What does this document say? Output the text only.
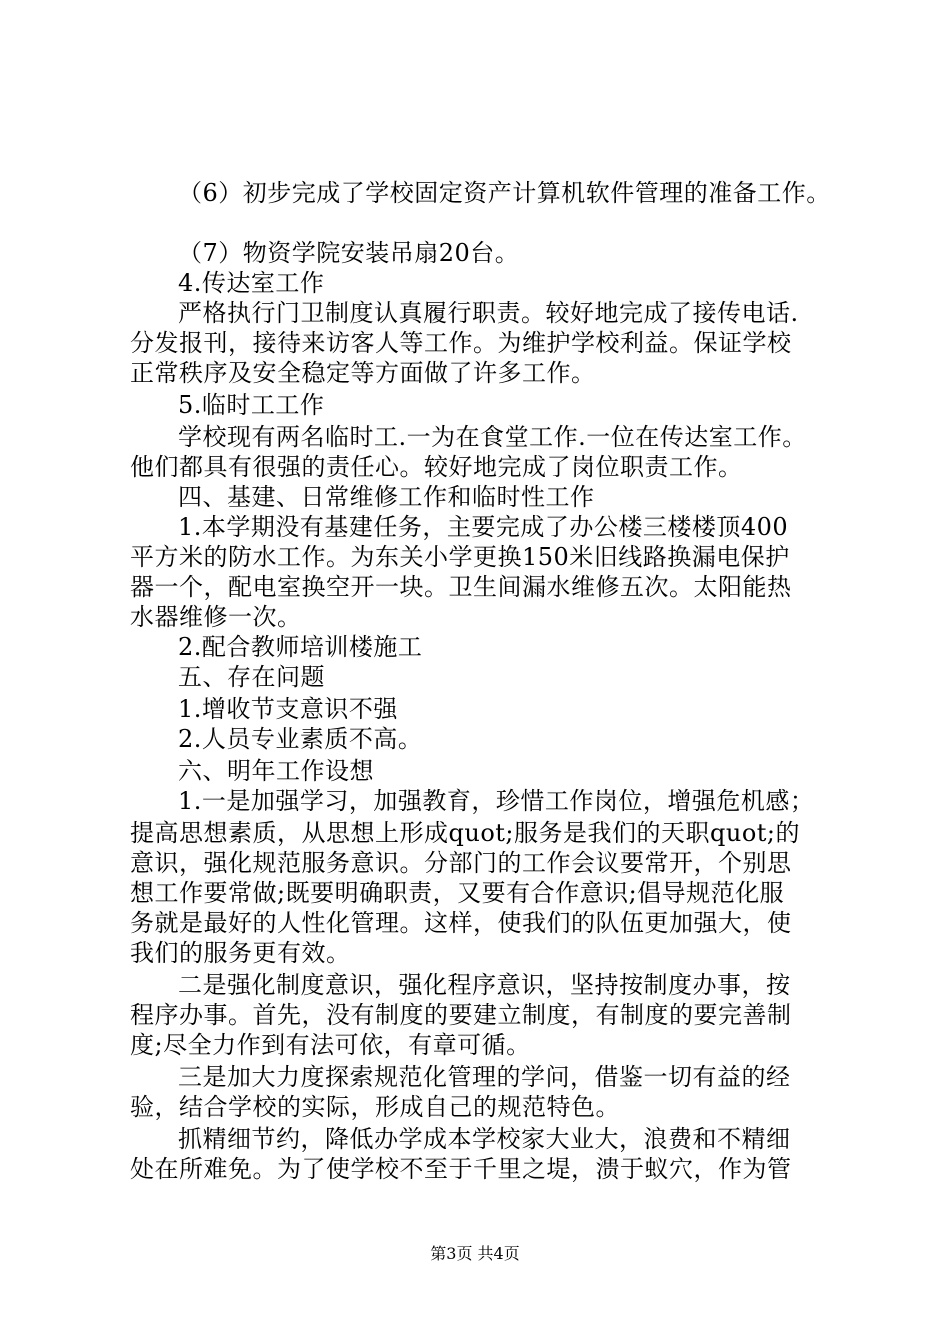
（6）初步完成了学校固定资产计算机软件管理的准备工作。
（7）物资学院安装吊扇20台。
4.传达室工作
严格执行门卫制度认真履行职责。较好地完成了接传电话.
分发报刊，接待来访客人等工作。为维护学校利益。保证学校
正常秩序及安全稳定等方面做了许多工作。
5.临时工工作
学校现有两名临时工.一为在食堂工作.一位在传达室工作。
他们都具有很强的责任心。较好地完成了岗位职责工作。
四、基建、日常维修工作和临时性工作
1.本学期没有基建任务，主要完成了办公楼三楼楼顶400
平方米的防水工作。为东关小学更换150米旧线路换漏电保护
器一个，配电室换空开一块。卫生间漏水维修五次。太阳能热
水器维修一次。
2.配合教师培训楼施工
五、存在问题
1.增收节支意识不强
2.人员专业素质不高。
六、明年工作设想
1.一是加强学习，加强教育，珍惜工作岗位，增强危机感；
提高思想素质，从思想上形成quot;服务是我们的天职quot;的
意识，强化规范服务意识。分部门的工作会议要常开，个别思
想工作要常做;既要明确职责，又要有合作意识;倡导规范化服
务就是最好的人性化管理。这样，使我们的队伍更加强大，使
我们的服务更有效。
二是强化制度意识，强化程序意识，坚持按制度办事，按
程序办事。首先，没有制度的要建立制度，有制度的要完善制
度;尽全力作到有法可依，有章可循。
三是加大力度探索规范化管理的学问，借鉴一切有益的经
验，结合学校的实际，形成自己的规范特色。
抓精细节约，降低办学成本学校家大业大，浪费和不精细
处在所难免。为了使学校不至于千里之堤，溃于蚁穴，作为管
第3页 共4页
